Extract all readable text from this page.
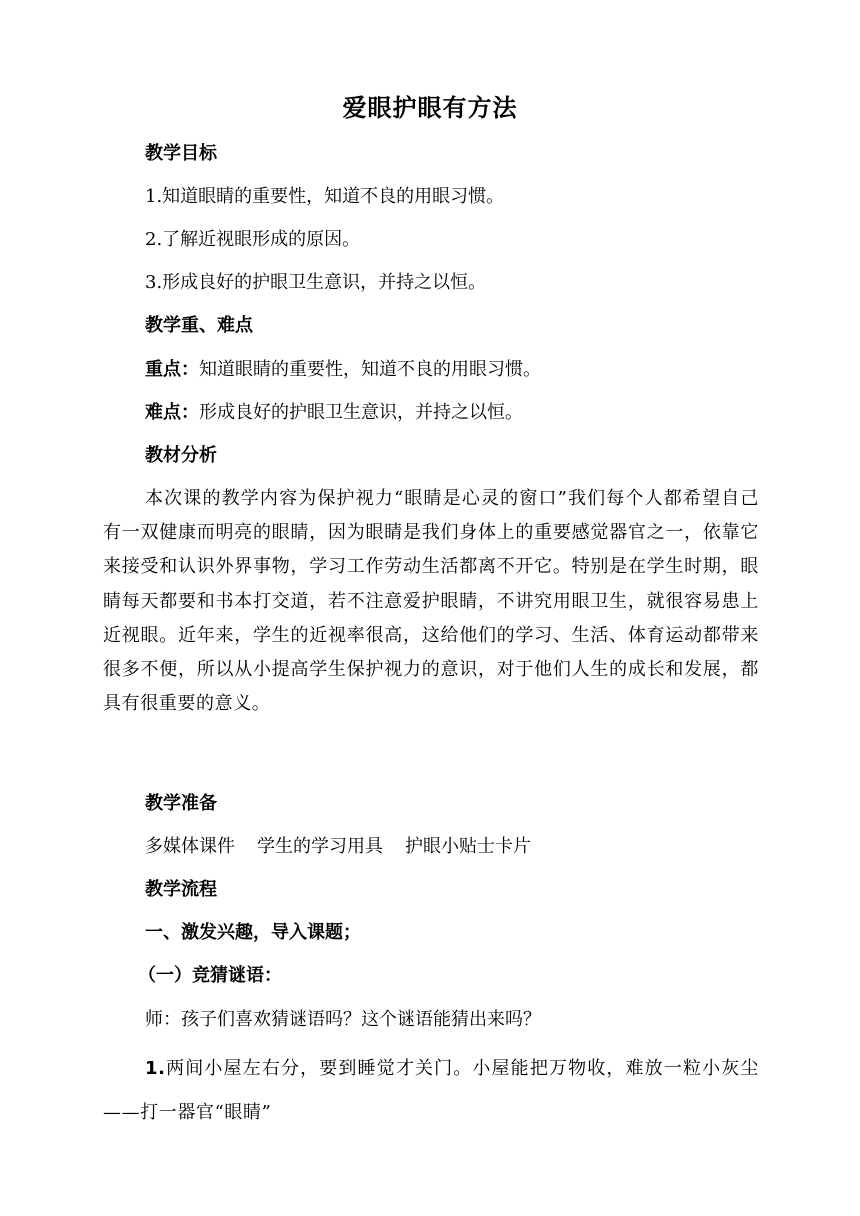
爱眼护眼有方法
教学目标
1.知道眼睛的重要性，知道不良的用眼习惯。
2.了解近视眼形成的原因。
3.形成良好的护眼卫生意识，并持之以恒。
教学重、难点
重点：知道眼睛的重要性，知道不良的用眼习惯。
难点：形成良好的护眼卫生意识，并持之以恒。
教材分析
本次课的教学内容为保护视力“眼睛是心灵的窗口”我们每个人都希望自己有一双健康而明亮的眼睛，因为眼睛是我们身体上的重要感觉器官之一，依靠它来接受和认识外界事物，学习工作劳动生活都离不开它。特别是在学生时期，眼睛每天都要和书本打交道，若不注意爱护眼睛，不讲究用眼卫生，就很容易患上近视眼。近年来，学生的近视率很高，这给他们的学习、生活、体育运动都带来很多不便，所以从小提高学生保护视力的意识，对于他们人生的成长和发展，都具有很重要的意义。
教学准备
多媒体课件 学生的学习用具 护眼小贴士卡片
教学流程
一、激发兴趣，导入课题；
（一）竞猜谜语：
师：孩子们喜欢猜谜语吗？这个谜语能猜出来吗？
1.两间小屋左右分，要到睡觉才关门。小屋能把万物收，难放一粒小灰尘——打一器官“眼睛”
